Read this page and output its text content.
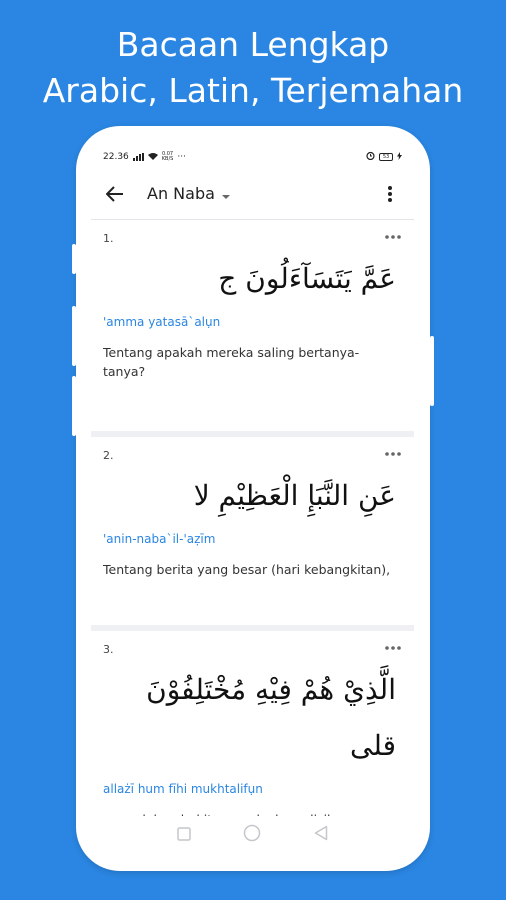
Bacaan Lengkap
Arabic, Latin, Terjemahan
22.36	0.07
KB/S ···	53
An Naba
1.
عَمَّ يَتَسَآءَلُونَ ج
'amma yatasā`alụn
Tentang apakah mereka saling bertanya-tanya?
2.
عَنِ النَّبَإِ الْعَظِيْمِ لا
'anin-naba`il-'aẓīm
Tentang berita yang besar (hari kebangkitan),
3.
الَّذِيْ هُمْ فِيْهِ مُخْتَلِفُوْنَ قلى
allażī hum fīhi mukhtalifụn
